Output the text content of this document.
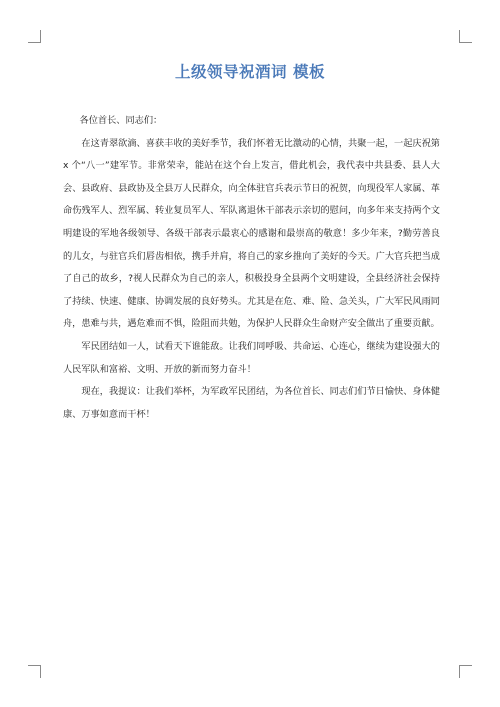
上级领导祝酒词 模板

各位首长、同志们：

在这青翠欲滴、喜获丰收的美好季节，我们怀着无比激动的心情，共聚一起，一起庆祝第 x 个“八一”建军节。非常荣幸，能站在这个台上发言，借此机会，我代表中共县委、县人大会、县政府、县政协及全县万人民群众，向全体驻官兵表示节日的祝贺，向现役军人家属、革命伤残军人、烈军属、转业复员军人、军队离退休干部表示亲切的慰问，向多年来支持两个文明建设的军地各级领导、各级干部表示最衷心的感谢和最崇高的敬意！多少年来，?勤劳善良的儿女，与驻官兵们唇齿相依，携手并肩，将自己的家乡推向了美好的今天。广大官兵把当成了自己的故乡，?视人民群众为自己的亲人，积极投身全县两个文明建设，全县经济社会保持了持续、快速、健康、协调发展的良好势头。尤其是在危、难、险、急关头，广大军民风雨同舟，患难与共，遇危难而不惧，险阻而共勉，为保护人民群众生命财产安全做出了重要贡献。

军民团结如一人，试看天下谁能敌。让我们同呼吸、共命运、心连心，继续为建设强大的人民军队和富裕、文明、开放的新而努力奋斗！

现在，我提议：让我们举杯，为军政军民团结，为各位首长、同志们们节日愉快、身体健康、万事如意而干杯！
